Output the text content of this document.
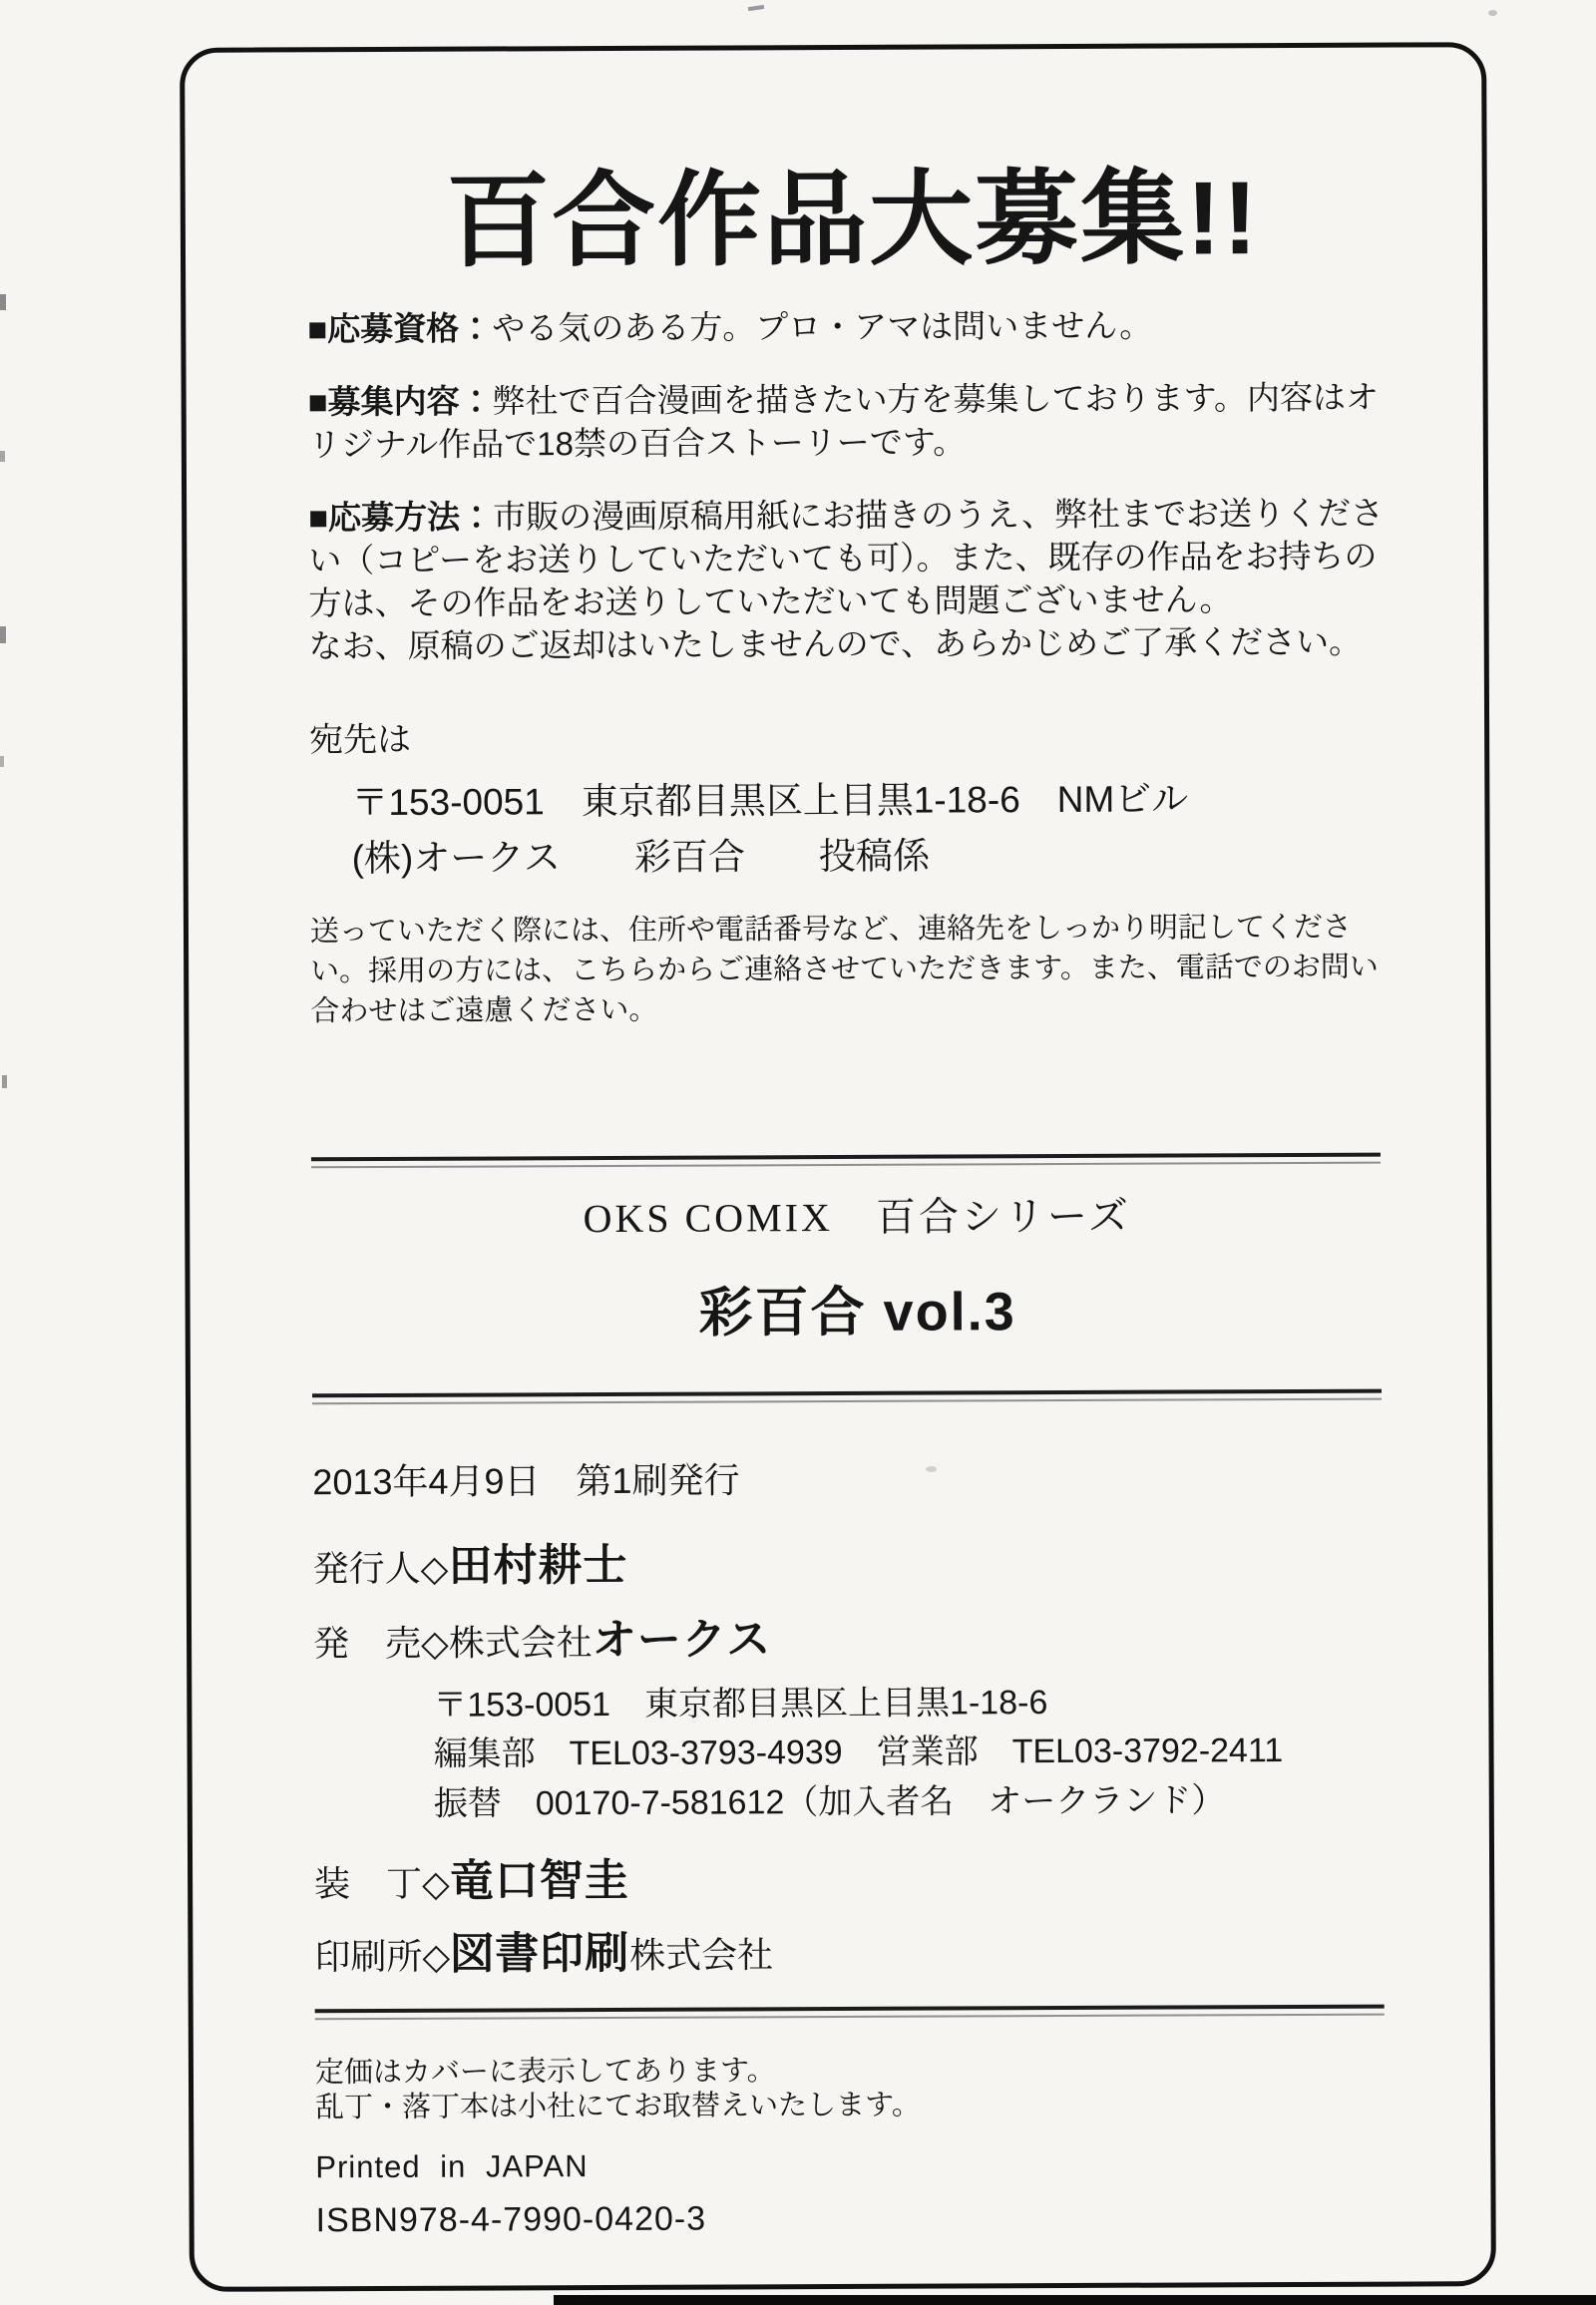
百合作品大募集!!

■応募資格：やる気のある方。プロ・アマは問いません。

■募集内容：弊社で百合漫画を描きたい方を募集しております。内容はオリジナル作品で18禁の百合ストーリーです。

■応募方法：市販の漫画原稿用紙にお描きのうえ、弊社までお送りください（コピーをお送りしていただいても可）。また、既存の作品をお持ちの方は、その作品をお送りしていただいても問題ございません。
なお、原稿のご返却はいたしませんので、あらかじめご了承ください。

宛先は

〒153-0051　東京都目黒区上目黒1-18-6　NMビル

(株)オークス　　彩百合　　投稿係

送っていただく際には、住所や電話番号など、連絡先をしっかり明記してください。採用の方には、こちらからご連絡させていただきます。また、電話でのお問い合わせはご遠慮ください。

OKS COMIX　百合シリーズ

彩百合 vol.3

2013年4月9日　第1刷発行

発行人◇田村耕士

発　売◇株式会社オークス

〒153-0051　東京都目黒区上目黒1-18-6

編集部　TEL03-3793-4939　営業部　TEL03-3792-2411

振替　00170-7-581612（加入者名　オークランド）

装　丁◇竜口智圭

印刷所◇図書印刷株式会社

定価はカバーに表示してあります。

乱丁・落丁本は小社にてお取替えいたします。

Printed in JAPAN

ISBN978-4-7990-0420-3
